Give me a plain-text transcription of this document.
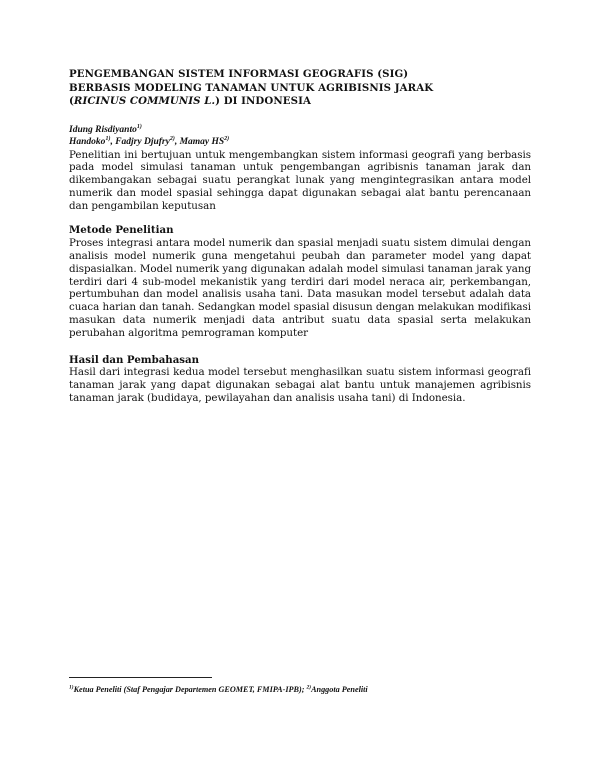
PENGEMBANGAN SISTEM INFORMASI GEOGRAFIS (SIG)
BERBASIS MODELING TANAMAN UNTUK AGRIBISNIS JARAK
(RICINUS COMMUNIS L.) DI INDONESIA
Idung Risdiyanto$^{1)}$
Handoko$^{1)}$, Fadjry Djufry$^{2)}$, Mamay HS$^{2)}$

Penelitian ini bertujuan untuk mengembangkan sistem informasi geografi yang berbasis pada model simulasi tanaman untuk pengembangan agribisnis tanaman jarak dan dikembangakan sebagai suatu perangkat lunak yang mengintegrasikan antara model numerik dan model spasial sehingga dapat digunakan sebagai alat bantu perencanaan dan pengambilan keputusan

Metode Penelitian

Proses integrasi antara model numerik dan spasial menjadi suatu sistem dimulai dengan analisis model numerik guna mengetahui peubah dan parameter model yang dapat dispasialkan. Model numerik yang digunakan adalah model simulasi tanaman jarak yang terdiri dari 4 sub-model mekanistik yang terdiri dari model neraca air, perkembangan, pertumbuhan dan model analisis usaha tani. Data masukan model tersebut adalah data cuaca harian dan tanah. Sedangkan model spasial disusun dengan melakukan modifikasi masukan data numerik menjadi data antribut suatu data spasial serta melakukan perubahan algoritma pemrograman komputer

Hasil dan Pembahasan

Hasil dari integrasi kedua model tersebut menghasilkan suatu sistem informasi geografi tanaman jarak yang dapat digunakan sebagai alat bantu untuk manajemen agribisnis tanaman jarak (budidaya, pewilayahan dan analisis usaha tani) di Indonesia.

$^{1)}$Ketua Peneliti (Staf Pengajar Departemen GEOMET, FMIPA-IPB); $^{2)}$Anggota Peneliti
